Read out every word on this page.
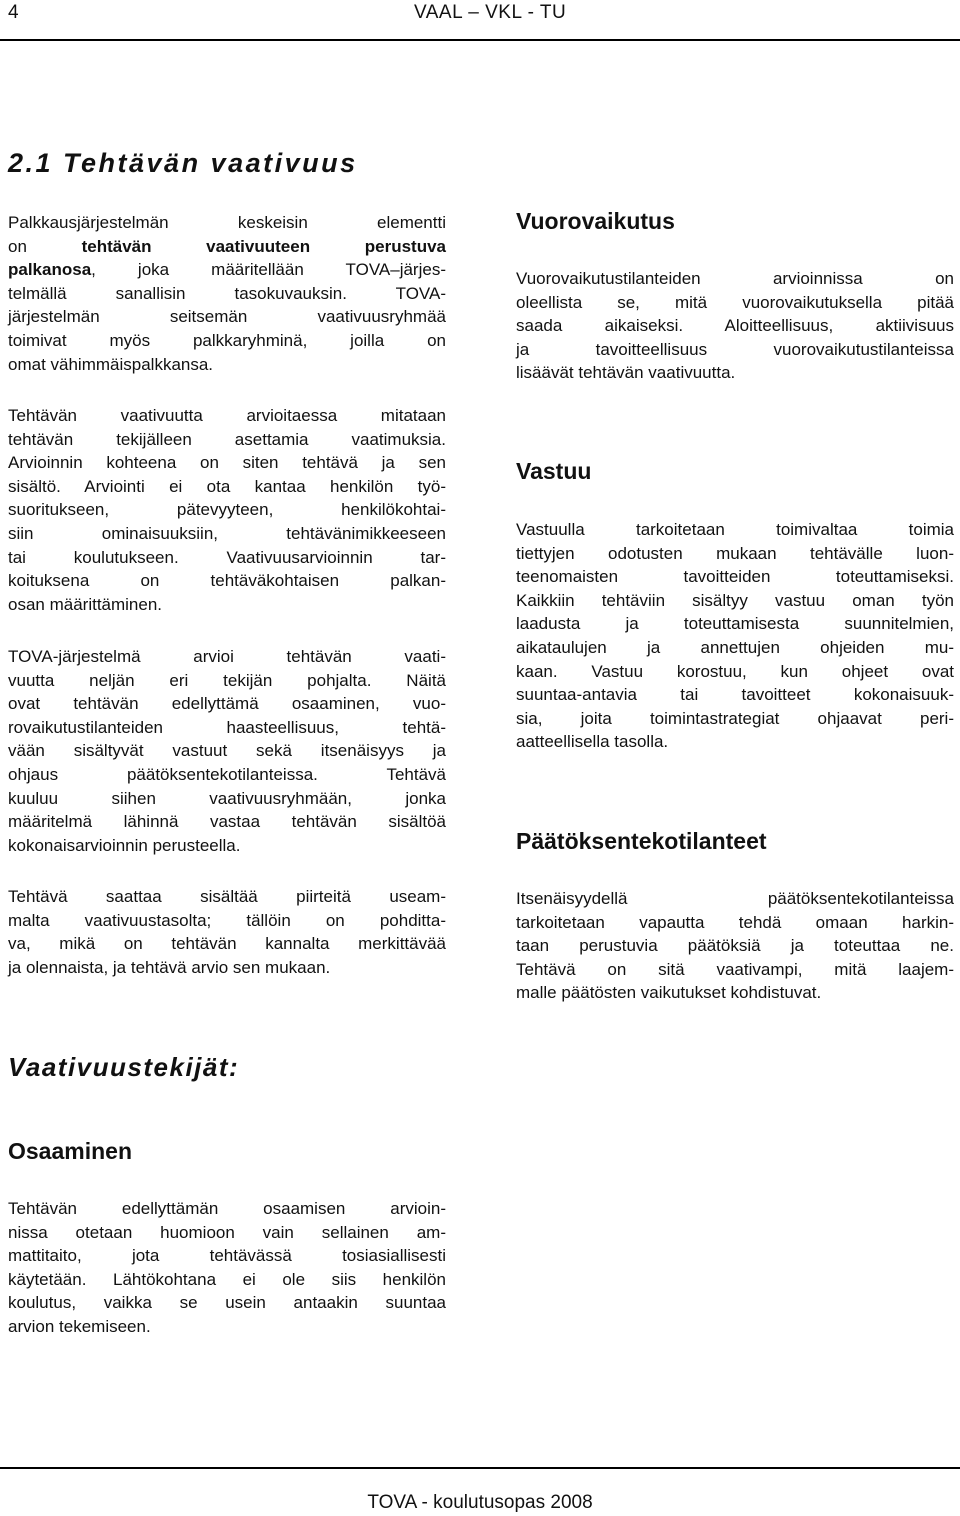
4	VAAL – VKL - TU
2.1 Tehtävän vaativuus
Palkkausjärjestelmän keskeisin elementti
on tehtävän vaativuuteen perustuva
palkanosa, joka määritellään TOVA–järjes-
telmällä sanallisin tasokuvauksin. TOVA-
järjestelmän seitsemän vaativuusryhmää
toimivat myös palkkaryhminä, joilla on
omat vähimmäispalkkansa.
Tehtävän vaativuutta arvioitaessa mitataan
tehtävän tekijälleen asettamia vaatimuksia.
Arvioinnin kohteena on siten tehtävä ja sen
sisältö. Arviointi ei ota kantaa henkilön työ-
suoritukseen, pätevyyteen, henkilökohtai-
siin ominaisuuksiin, tehtävänimikkeeseen
tai koulutukseen. Vaativuusarvioinnin tar-
koituksena on tehtäväkohtaisen palkan-
osan määrittäminen.
TOVA-järjestelmä arvioi tehtävän vaati-
vuutta neljän eri tekijän pohjalta. Näitä
ovat tehtävän edellyttämä osaaminen, vuo-
rovaikutustilanteiden haasteellisuus, tehtä-
vään sisältyvät vastuut sekä itsenäisyys ja
ohjaus päätöksentekotilanteissa. Tehtävä
kuuluu siihen vaativuusryhmään, jonka
määritelmä lähinnä vastaa tehtävän sisältöä
kokonaisarvioinnin perusteella.
Tehtävä saattaa sisältää piirteitä useam-
malta vaativuustasolta; tällöin on pohditta-
va, mikä on tehtävän kannalta merkittävää
ja olennaista, ja tehtävä arvio sen mukaan.
Vuorovaikutus
Vuorovaikutustilanteiden arvioinnissa on
oleellista se, mitä vuorovaikutuksella pitää
saada aikaiseksi. Aloitteellisuus, aktiivisuus
ja tavoitteellisuus vuorovaikutustilanteissa
lisäävät tehtävän vaativuutta.
Vastuu
Vastuulla tarkoitetaan toimivaltaa toimia
tiettyjen odotusten mukaan tehtävälle luon-
teenomaisten tavoitteiden toteuttamiseksi.
Kaikkiin tehtäviin sisältyy vastuu oman työn
laadusta ja toteuttamisesta suunnitelmien,
aikataulujen ja annettujen ohjeiden mu-
kaan. Vastuu korostuu, kun ohjeet ovat
suuntaa-antavia tai tavoitteet kokonaisuuk-
sia, joita toimintastrategiat ohjaavat peri-
aatteellisella tasolla.
Päätöksentekotilanteet
Itsenäisyydellä päätöksentekotilanteissa
tarkoitetaan vapautta tehdä omaan harkin-
taan perustuvia päätöksiä ja toteuttaa ne.
Tehtävä on sitä vaativampi, mitä laajem-
malle päätösten vaikutukset kohdistuvat.
Vaativuustekijät:
Osaaminen
Tehtävän edellyttämän osaamisen arvioin-
nissa otetaan huomioon vain sellainen am-
mattitaito, jota tehtävässä tosiasiallisesti
käytetään. Lähtökohtana ei ole siis henkilön
koulutus, vaikka se usein antaakin suuntaa
arvion tekemiseen.
TOVA - koulutusopas 2008
